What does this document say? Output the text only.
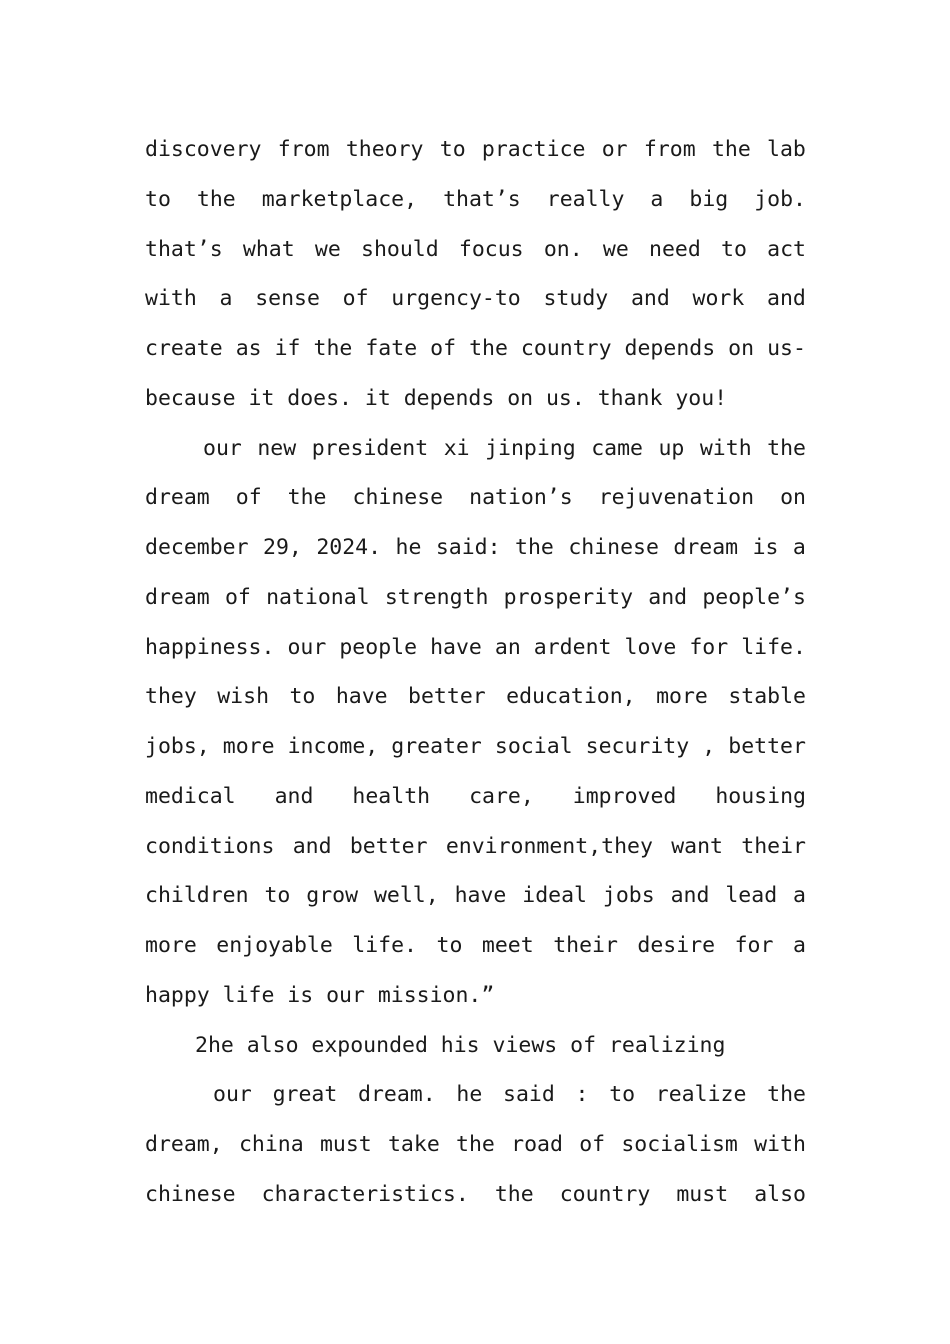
discovery from theory to practice or from the lab
to the marketplace, that’s really a big job.
that’s what we should focus on. we need to act
with a sense of urgency-to study and work and
create as if the fate of the country depends on us-
because it does. it depends on us. thank you!
our new president xi jinping came up with the
dream of the chinese nation’s rejuvenation on
december 29, 2024. he said: the chinese dream is a
dream of national strength prosperity and people’s
happiness. our people have an ardent love for life.
they wish to have better education, more stable
jobs, more income, greater social security , better
medical and health care, improved housing
conditions and better environment,they want their
children to grow well, have ideal jobs and lead a
more enjoyable life. to meet their desire for a
happy life is our mission.”
2he also expounded his views of realizing
our great dream. he said : to realize the
dream, china must take the road of socialism with
chinese characteristics. the country must also
